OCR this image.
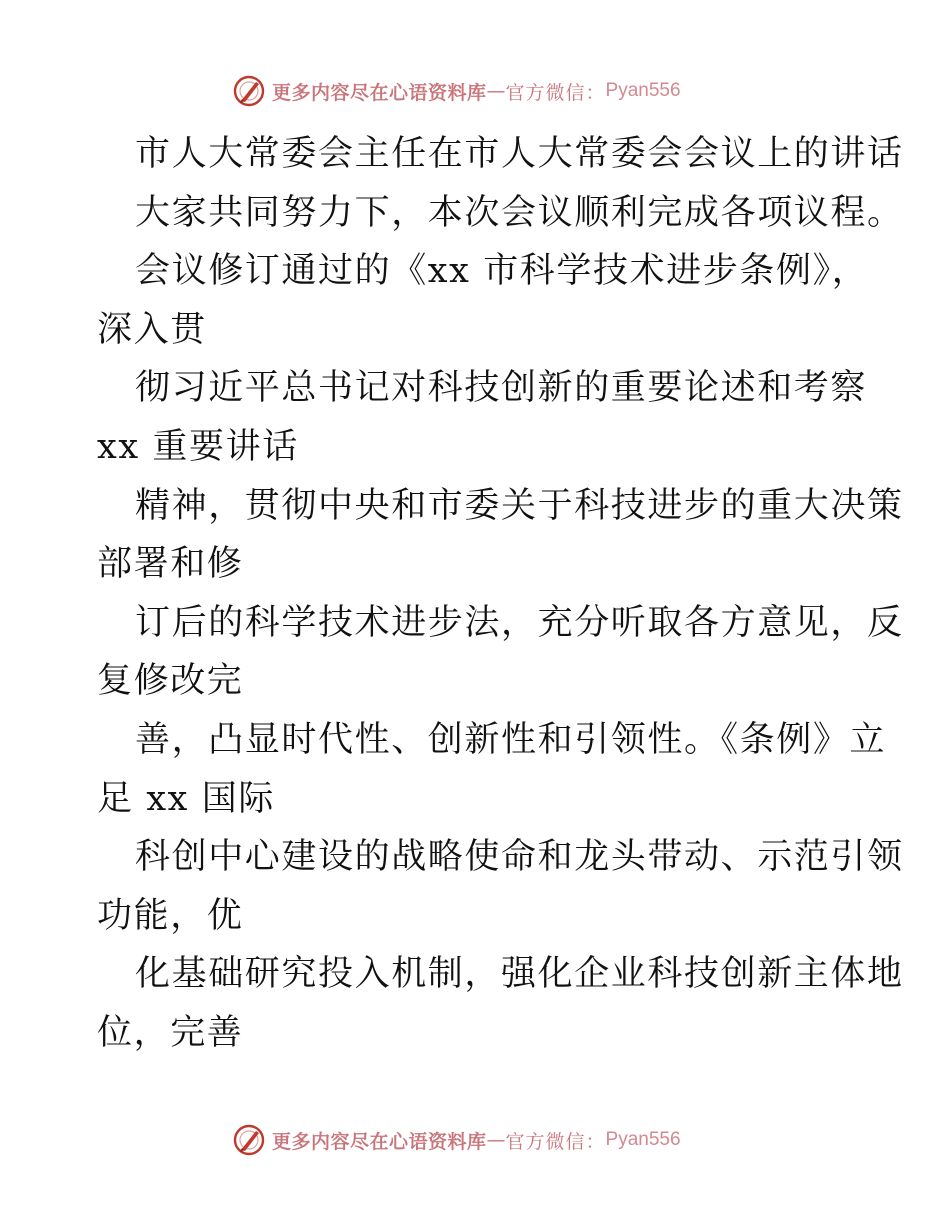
更多内容尽在心语资料库 — 官方微信： Pyan556
市人大常委会主任在市人大常委会会议上的讲话
大家共同努力下，本次会议顺利完成各项议程。
会议修订通过的《xx 市科学技术进步条例》，
深入贯
彻习近平总书记对科技创新的重要论述和考察
xx 重要讲话
精神，贯彻中央和市委关于科技进步的重大决策
部署和修
订后的科学技术进步法，充分听取各方意见，反
复修改完
善，凸显时代性、创新性和引领性。《条例》立
足 xx 国际
科创中心建设的战略使命和龙头带动、示范引领
功能，优
化基础研究投入机制，强化企业科技创新主体地
位，完善
更多内容尽在心语资料库 — 官方微信： Pyan556
